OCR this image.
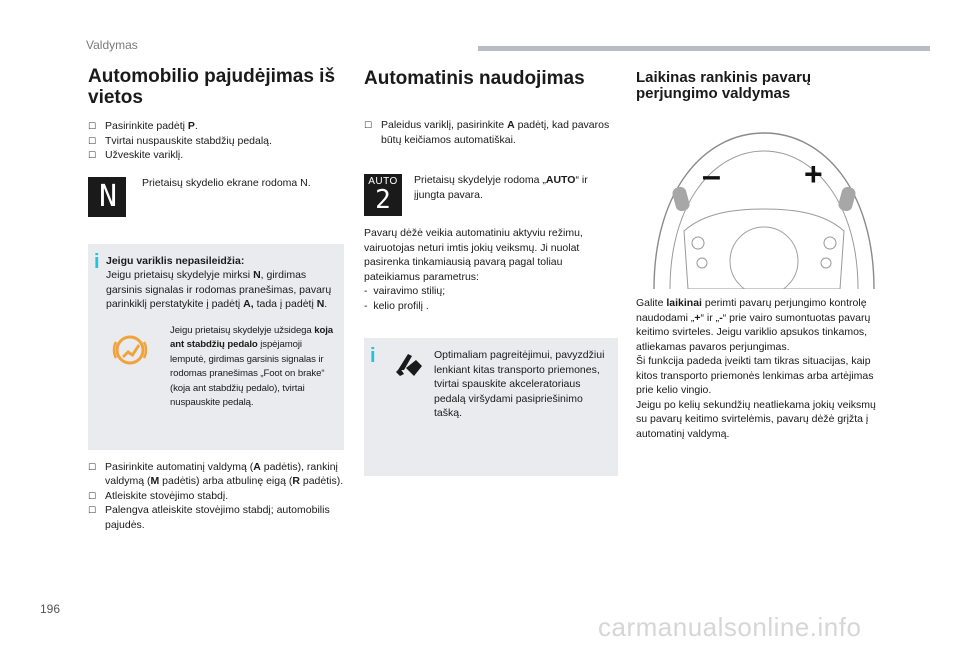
Valdymas
Automobilio pajudėjimas iš vietos
☐ Pasirinkite padėtį P.
☐ Tvirtai nuspauskite stabdžių pedalą.
☐ Užveskite variklį.
N	Prietaisų skydelio ekrane rodoma N.
i Jeigu variklis nepasileidžia:
Jeigu prietaisų skydelyje mirksi N, girdimas garsinis signalas ir rodomas pranešimas, pavarų parinkiklį perstatykite į padėtį A, tada į padėtį N.
Jeigu prietaisų skydelyje užsidega koja ant stabdžių pedalo įspėjamoji lemputė, girdimas garsinis signalas ir rodomas pranešimas „Foot on brake“ (koja ant stabdžių pedalo), tvirtai nuspauskite pedalą.
☐ Pasirinkite automatinį valdymą (A padėtis), rankinį valdymą (M padėtis) arba atbulinę eigą (R padėtis).
☐ Atleiskite stovėjimo stabdį.
☐ Palengva atleiskite stovėjimo stabdį; automobilis pajudės.
Automatinis naudojimas
☐ Paleidus variklį, pasirinkite A padėtį, kad pavaros būtų keičiamos automatiškai.
AUTO
2
Prietaisų skydelyje rodoma „AUTO“ ir įjungta pavara.
Pavarų dėžė veikia automatiniu aktyviu režimu, vairuotojas neturi imtis jokių veiksmų. Ji nuolat pasirenka tinkamiausią pavarą pagal toliau pateikiamus parametrus:
-  vairavimo stilių;
-  kelio profilį .
i	Optimaliam pagreitėjimui, pavyzdžiui lenkiant kitas transporto priemones, tvirtai spauskite akceleratoriaus pedalą viršydami pasipriešinimo tašką.
Laikinas rankinis pavarų perjungimo valdymas
–	+
Galite laikinai perimti pavarų perjungimo kontrolę naudodami „+“ ir „-“ prie vairo sumontuotas pavarų keitimo svirteles. Jeigu variklio apsukos tinkamos, atliekamas pavaros perjungimas.
Ši funkcija padeda įveikti tam tikras situacijas, kaip kitos transporto priemonės lenkimas arba artėjimas prie kelio vingio.
Jeigu po kelių sekundžių neatliekama jokių veiksmų su pavarų keitimo svirtelėmis, pavarų dėžė grįžta į automatinį valdymą.
196
carmanualsonline.info
